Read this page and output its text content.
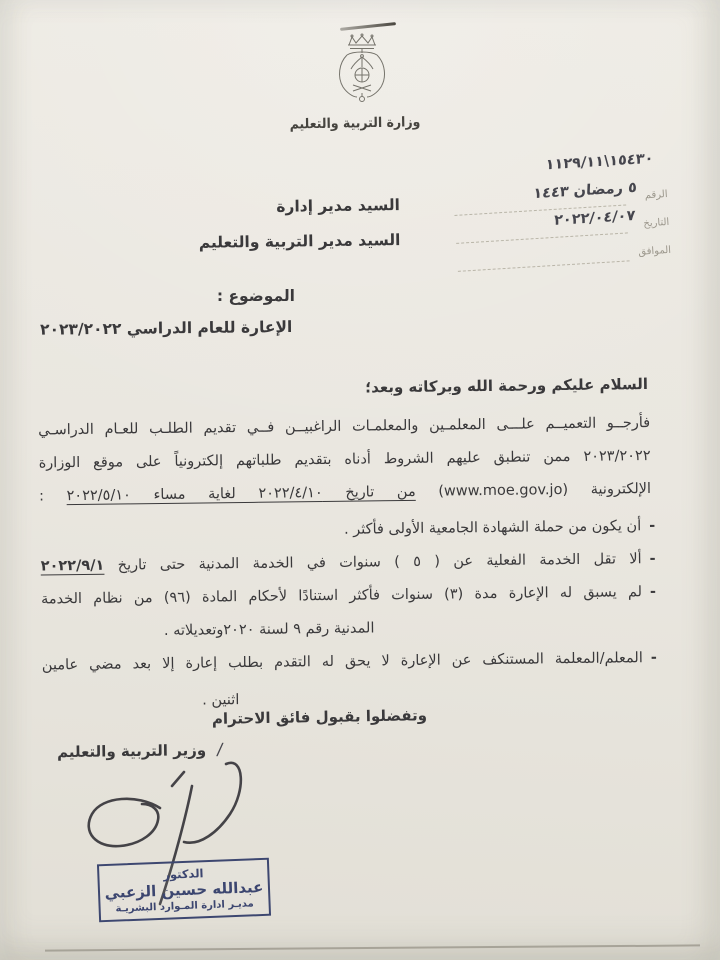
وزارة التربية والتعليم
١٥٤٣٠\١١٢٩/١١
الرقم
٥ رمضان ١٤٤٣
التاريخ
٢٠٢٢/٠٤/٠٧
الموافق
السيد مدير إدارة
السيد مدير التربية والتعليم
الموضوع :
الإعارة للعام الدراسي ٢٠٢٣/٢٠٢٢
السلام عليكم ورحمة الله وبركاته وبعد؛
فأرجــو التعميــم علـــى المعلمـين والمعلمـات الراغبيــن فــي تقديم الطلـب للعـام الدراسـي
٢٠٢٣/٢٠٢٢ ممن تنطبق عليهم الشروط أدناه بتقديم طلباتهم إلكترونياً على موقع الوزارة
الإلكترونية (www.moe.gov.jo) من تاريخ ٢٠٢٢/٤/١٠ لغاية مساء ٢٠٢٢/٥/١٠ :
-
أن يكون من حملة الشهادة الجامعية الأولى فأكثر .
-
ألا تقل الخدمة الفعلية عن ( ٥ ) سنوات في الخدمة المدنية حتى تاريخ ٢٠٢٢/٩/١
-
لم يسبق له الإعارة مدة (٣) سنوات فأكثر استنادًا لأحكام المادة (٩٦) من نظام الخدمة
المدنية رقم ٩ لسنة ٢٠٢٠وتعديلاته .
-
المعلم/المعلمة المستنكف عن الإعارة لا يحق له التقدم بطلب إعارة إلا بعد مضي عامين
اثنين .
وتفضلوا بقبول فائق الاحترام
/ وزير التربية والتعليم
الدكتور
عبدالله حسين الزعبي
مديـر ادارة المـوارد البشريـة
